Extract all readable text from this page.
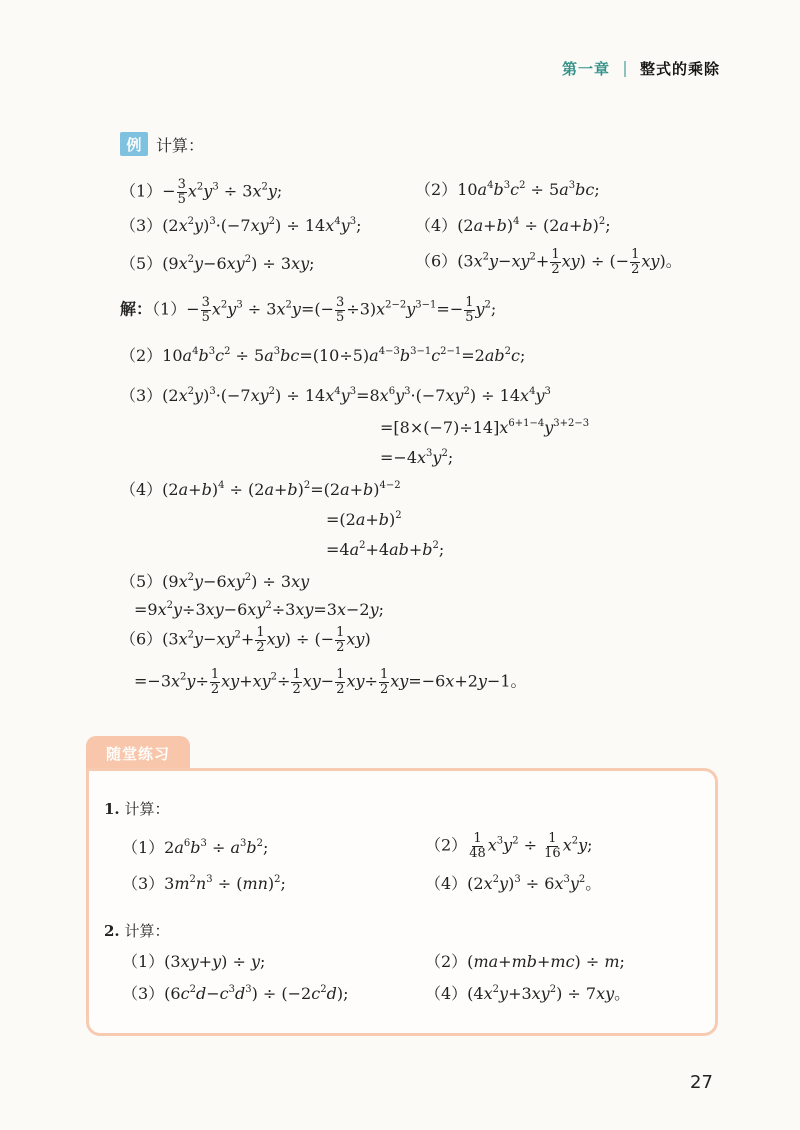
第一章 整式的乘除
例 计算：
$(1)- \frac{3}{5} x^2y^3 \div 3x^2y$;	$(2)10a^4b^3c^2 \div 5a^3bc$;
$(3)(2x^2y)^3\cdot(-7xy^2) \div 14x^4y^3$;	$(4)(2a+b)^4 \div (2a+b)^2$;
$(5)(9x^2y-6xy^2) \div 3xy$;	$(6)(3x^2y-xy^2+ \frac{1}{2} xy)$ ÷ (− $\frac{1}{2} xy$)。
解：$(1)- \frac{3}{5} x^2y^3 \div 3x^2y=(- \frac{3}{5} \div 3)x^{2-2}y^{3-1}=- \frac{1}{5} y^2$;
$(2)10a^4b^3c^2 \div 5a^3bc=(10\div 5)a^{4-3}b^{3-1}c^{2-1}=2ab^2c$;
$(3)(2x^2y)^3\cdot(-7xy^2) \div 14x^4y^3=8x^6y^3\cdot(-7xy^2) \div 14x^4y^3$
$=[8\times(-7)\div 14]x^{6+1-4}y^{3+2-3}$
$=-4x^3y^2$;
$(4)(2a+b)^4 \div (2a+b)^2=(2a+b)^{4-2}$
$=(2a+b)^2$
$=4a^2+4ab+b^2$;
$(5)(9x^2y-6xy^2) \div 3xy$
$=9x^2y\div 3xy-6xy^2\div 3xy=3x-2y$;
$(6)(3x^2y-xy^2+ \frac{1}{2} xy)$ ÷ (− $\frac{1}{2} xy$)
$=-3x^2y\div \frac{1}{2} xy+xy^2\div \frac{1}{2} xy- \frac{1}{2} xy\div \frac{1}{2} xy=-6x+2y-1$。
随堂练习
1. 计算：
$(1)2a^6b^3 \div a^3b^2$;	$(2) \frac{1}{48} x^3y^2 \div \frac{1}{16} x^2y$;
$(3)3m^2n^3 \div (mn)^2$;	$(4)(2x^2y)^3 \div 6x^3y^2$。
2. 计算：
（1）(3xy+y) ÷ y;	（2）(ma+mb+mc) ÷ m;
$(3)(6c^2d-c^3d^3) \div (-2c^2d)$;	$(4)(4x^2y+3xy^2) \div 7xy$。
27
